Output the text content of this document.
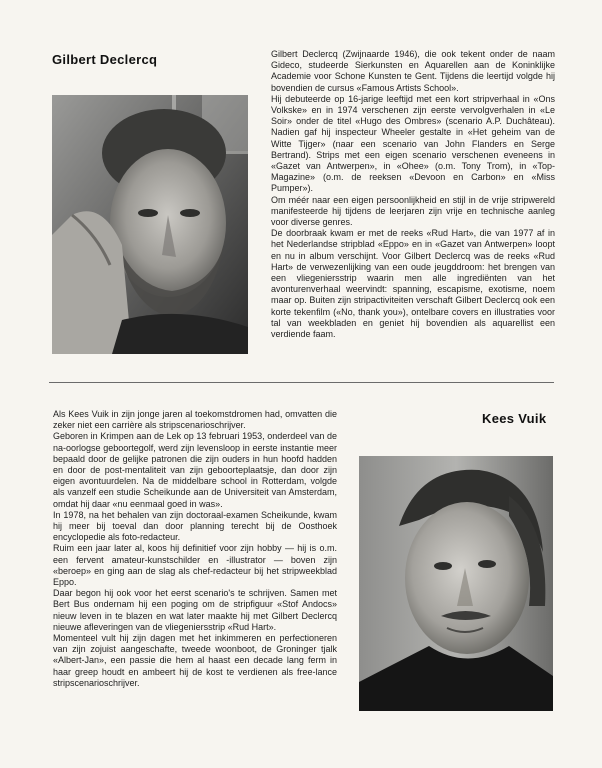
Gilbert Declercq	Gilbert Declercq (Zwijnaarde 1946), die ook tekent onder de naam Gideco, studeerde Sierkunsten en Aquarellen aan de Koninklijke Academie voor Schone Kunsten te Gent. Tijdens die leertijd volgde hij bovendien de cursus «Famous Artists School».

Hij debuteerde op 16-jarige leeftijd met een kort stripverhaal in «Ons Volkske» en in 1974 verschenen zijn eerste vervolgverhalen in «Le Soir» onder de titel «Hugo des Ombres» (scenario A.P. Duchâteau). Nadien gaf hij inspecteur Wheeler gestalte in «Het geheim van de Witte Tijger» (naar een scenario van John Flanders en Serge Bertrand). Strips met een eigen scenario verschenen eveneens in «Gazet van Antwerpen», in «Ohee» (o.m. Tony Trom), in «Top-Magazine» (o.m. de reeksen «Devoon en Carbon» en «Miss Pumper»).

Om méér naar een eigen persoonlijkheid en stijl in de vrije stripwereld manifesteerde hij tijdens de leerjaren zijn vrije en technische aanleg voor diverse genres.

De doorbraak kwam er met de reeks «Rud Hart», die van 1977 af in het Nederlandse stripblad «Eppo» en in «Gazet van Antwerpen» loopt en nu in album verschijnt. Voor Gilbert Declercq was de reeks «Rud Hart» de verwezenlijking van een oude jeugddroom: het brengen van een vliegeniersstrip waarin men alle ingrediënten van het avonturenverhaal weervindt: spanning, escapisme, exotisme, noem maar op. Buiten zijn stripactiviteiten verschaft Gilbert Declercq ook een korte tekenfilm («No, thank you»), ontelbare covers en illustraties voor tal van weekbladen en geniet hij bovendien als aquarellist een verdiende faam.

Als Kees Vuik in zijn jonge jaren al toekomstdromen had, omvatten die zeker niet een carrière als stripscenarioschrijver.

Geboren in Krimpen aan de Lek op 13 februari 1953, onderdeel van de na-oorlogse geboortegolf, werd zijn levensloop in eerste instantie meer bepaald door de gelijke patronen die zijn ouders in hun hoofd hadden en door de post-mentaliteit van zijn geboorteplaatsje, dan door zijn eigen avontuurdelen. Na de middelbare school in Rotterdam, volgde als vanzelf een studie Scheikunde aan de Universiteit van Amsterdam, omdat hij daar «nu eenmaal goed in was».

In 1978, na het behalen van zijn doctoraal-examen Scheikunde, kwam hij meer bij toeval dan door planning terecht bij de Oosthoek encyclopedie als foto-redacteur.

Ruim een jaar later al, koos hij definitief voor zijn hobby — hij is o.m. een fervent amateur-kunstschilder en -illustrator — boven zijn «beroep» en ging aan de slag als chef-redacteur bij het stripweekblad Eppo.

Daar begon hij ook voor het eerst scenario's te schrijven. Samen met Bert Bus ondernam hij een poging om de stripfiguur «Stof Andocs» nieuw leven in te blazen en wat later maakte hij met Gilbert Declercq nieuwe afleveringen van de vliegeniersstrip «Rud Hart».

Momenteel vult hij zijn dagen met het inkimmeren en perfectioneren van zijn zojuist aangeschafte, tweede woonboot, de Groninger tjalk «Albert-Jan», een passie die hem al haast een decade lang ferm in haar greep houdt en ambeert hij de kost te verdienen als free-lance stripscenarioschrijver.

Kees Vuik
